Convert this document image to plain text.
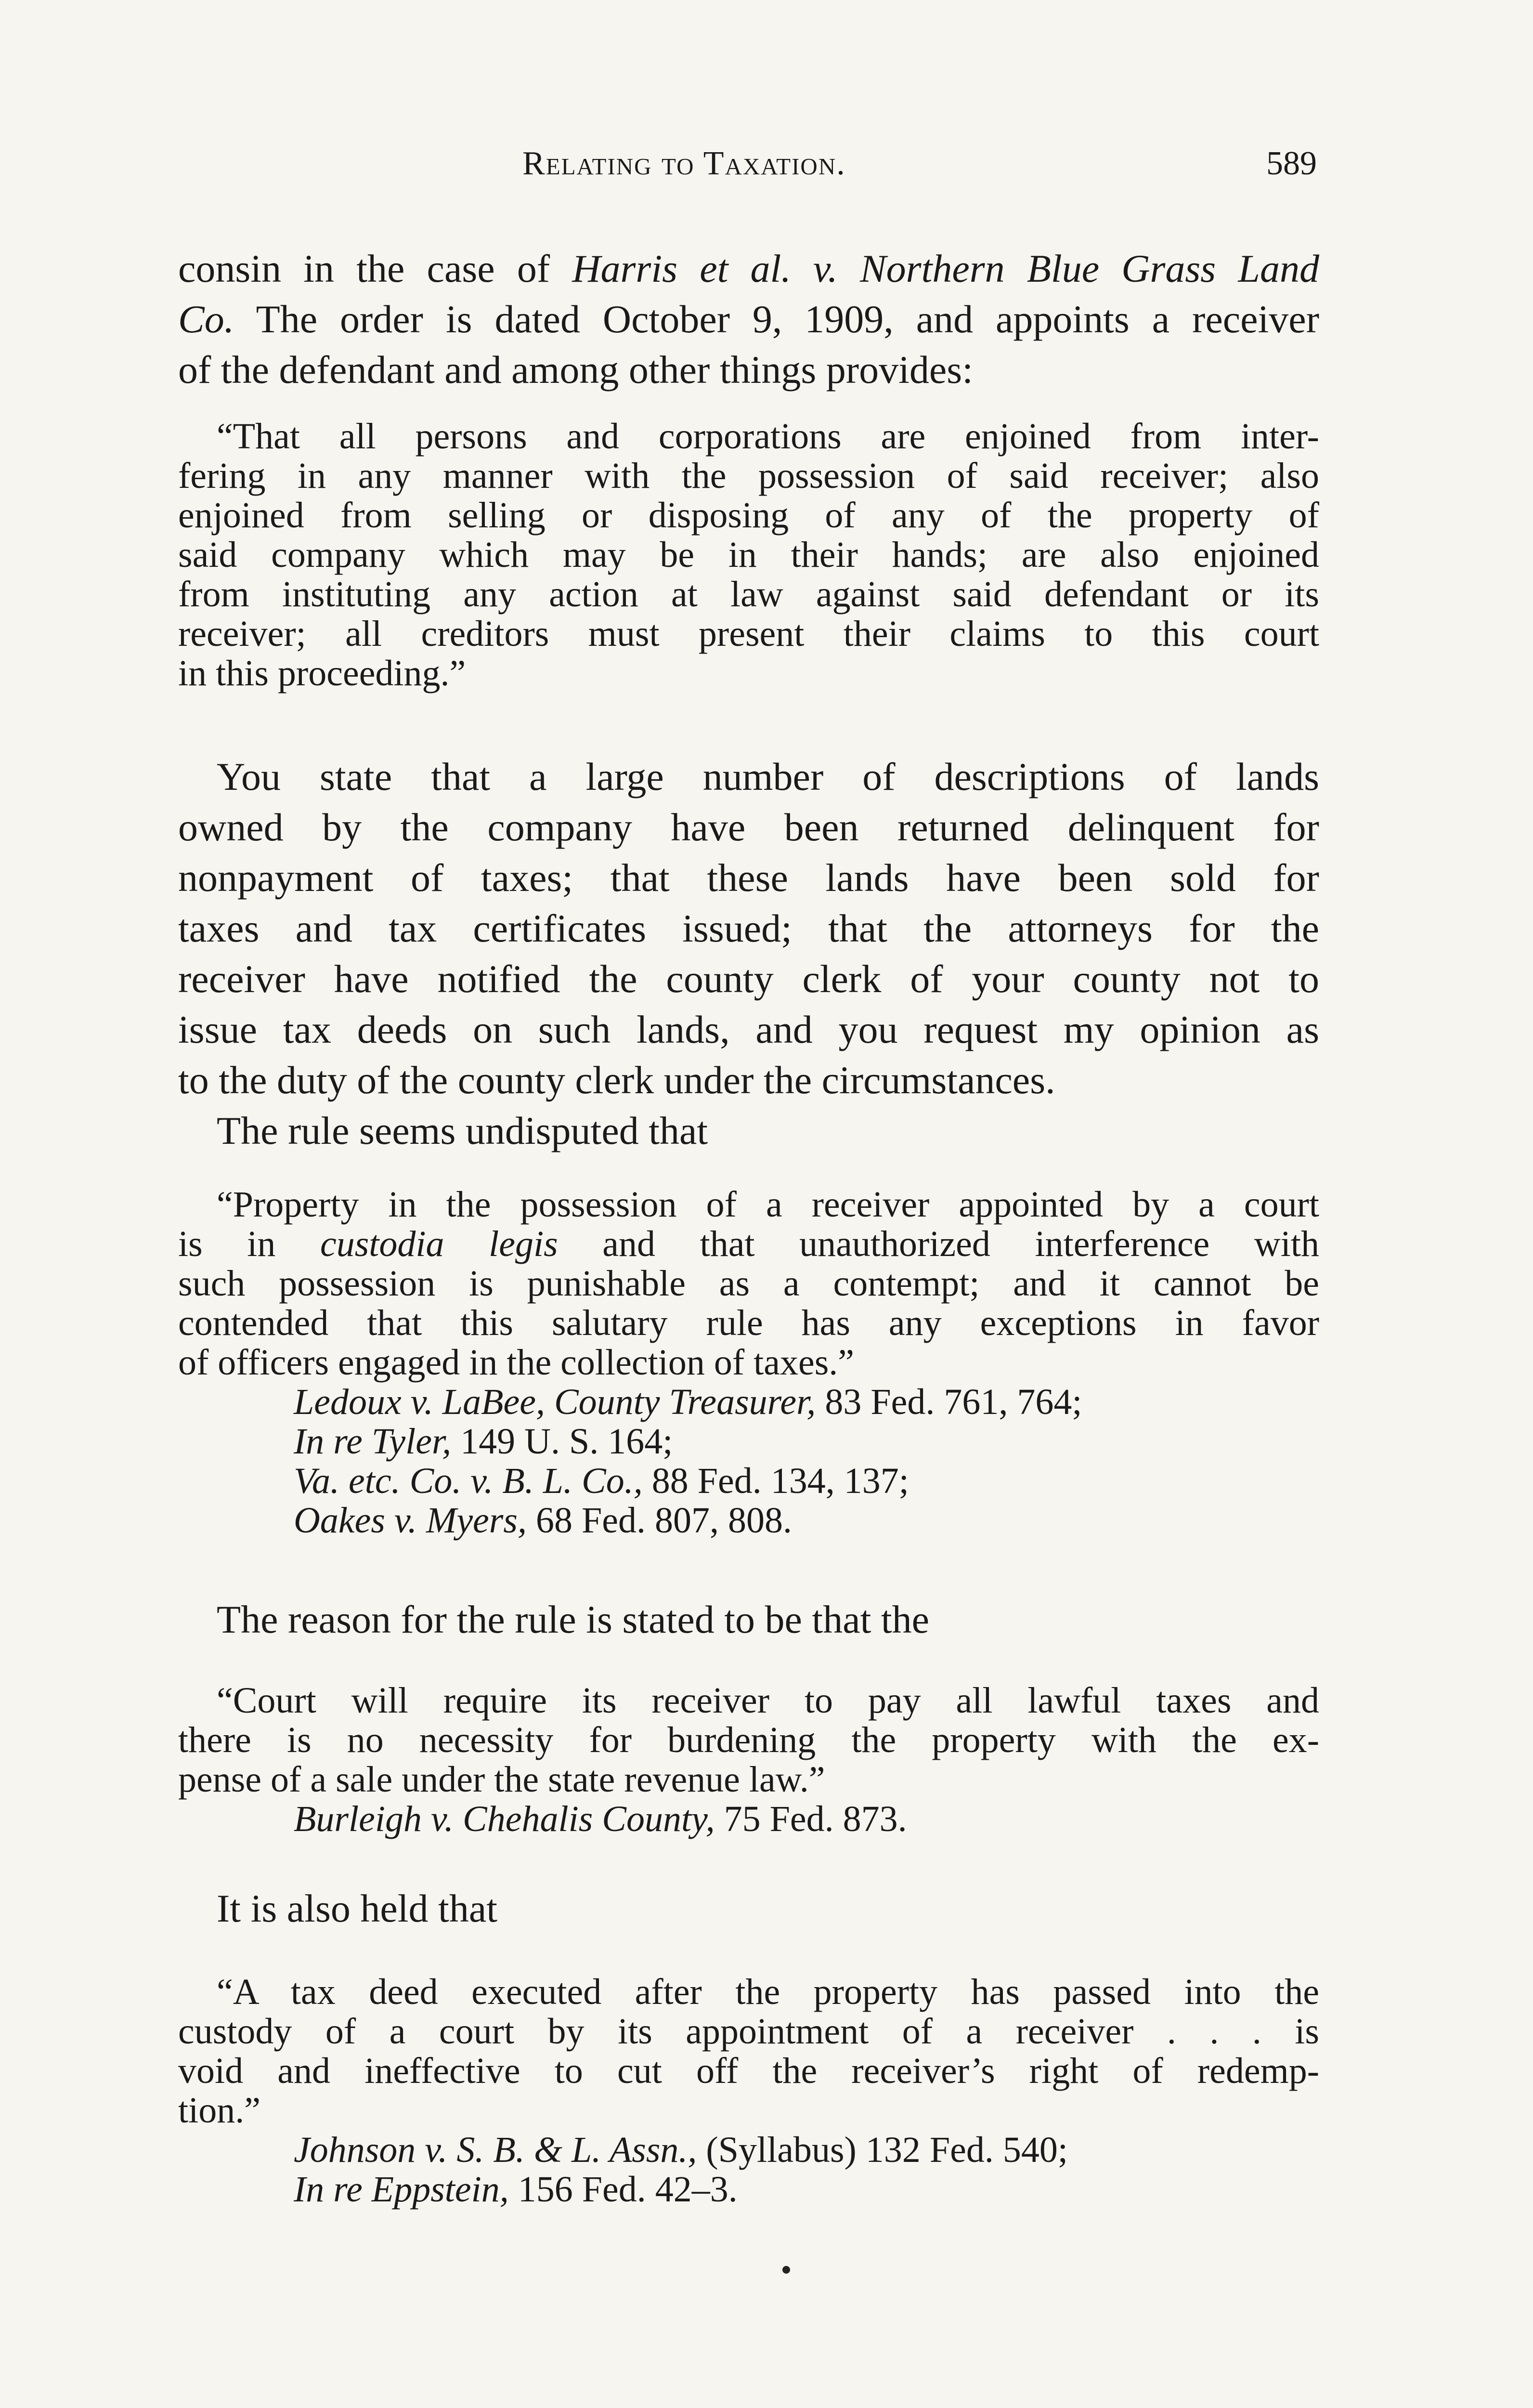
Relating to Taxation.	589

consin in the case of Harris et al. v. Northern Blue Grass Land
Co. The order is dated October 9, 1909, and appoints a receiver
of the defendant and among other things provides:

“That all persons and corporations are enjoined from inter-
fering in any manner with the possession of said receiver; also
enjoined from selling or disposing of any of the property of
said company which may be in their hands; are also enjoined
from instituting any action at law against said defendant or its
receiver; all creditors must present their claims to this court
in this proceeding.”

You state that a large number of descriptions of lands
owned by the company have been returned delinquent for
nonpayment of taxes; that these lands have been sold for
taxes and tax certificates issued; that the attorneys for the
receiver have notified the county clerk of your county not to
issue tax deeds on such lands, and you request my opinion as
to the duty of the county clerk under the circumstances.
The rule seems undisputed that

“Property in the possession of a receiver appointed by a court
is in custodia legis and that unauthorized interference with
such possession is punishable as a contempt; and it cannot be
contended that this salutary rule has any exceptions in favor
of officers engaged in the collection of taxes.”

Ledoux v. LaBee, County Treasurer, 83 Fed. 761, 764;
In re Tyler, 149 U. S. 164;
Va. etc. Co. v. B. L. Co., 88 Fed. 134, 137;
Oakes v. Myers, 68 Fed. 807, 808.

The reason for the rule is stated to be that the

“Court will require its receiver to pay all lawful taxes and
there is no necessity for burdening the property with the ex-
pense of a sale under the state revenue law.”

Burleigh v. Chehalis County, 75 Fed. 873.

It is also held that

“A tax deed executed after the property has passed into the
custody of a court by its appointment of a receiver . . . is
void and ineffective to cut off the receiver’s right of redemp-
tion.”

Johnson v. S. B. & L. Assn., (Syllabus) 132 Fed. 540;
In re Eppstein, 156 Fed. 42–3.
